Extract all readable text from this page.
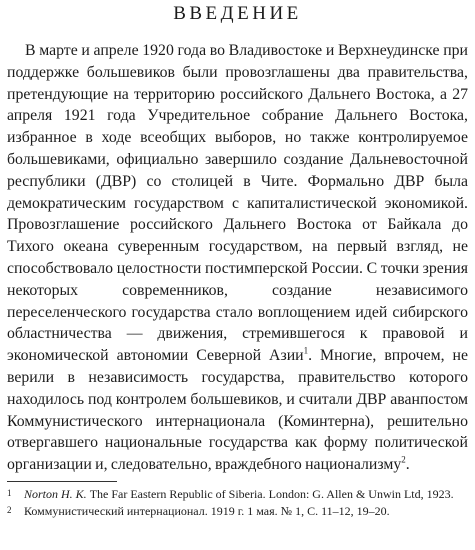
ВВЕДЕНИЕ

В марте и апреле 1920 года во Владивостоке и Верхнеудинске при поддержке большевиков были провозглашены два правительства, претендующие на территорию российского Дальнего Востока, а 27 апреля 1921 года Учредительное собрание Дальнего Востока, избранное в ходе всеобщих выборов, но также контролируемое большевиками, официально завершило создание Дальневосточной республики (ДВР) со столицей в Чите. Формально ДВР была демократическим государством с капиталистической экономикой. Провозглашение российского Дальнего Востока от Байкала до Тихого океана суверенным государством, на первый взгляд, не способствовало целостности постимперской России. С точки зрения некоторых современников, создание независимого переселенческого государства стало воплощением идей сибирского областничества — движения, стремившегося к правовой и экономической автономии Северной Азии$^1$. Многие, впрочем, не верили в независимость государства, правительство которого находилось под контролем большевиков, и считали ДВР аванпостом Коммунистического интернационала (Коминтерна), решительно отвергавшего национальные государства как форму политической организации и, следовательно, враждебного национализму$^2$.

1 Norton H. K. The Far Eastern Republic of Siberia. London: G. Allen & Unwin Ltd, 1923.
2 Коммунистический интернационал. 1919 г. 1 мая. № 1, С. 11–12, 19–20.
